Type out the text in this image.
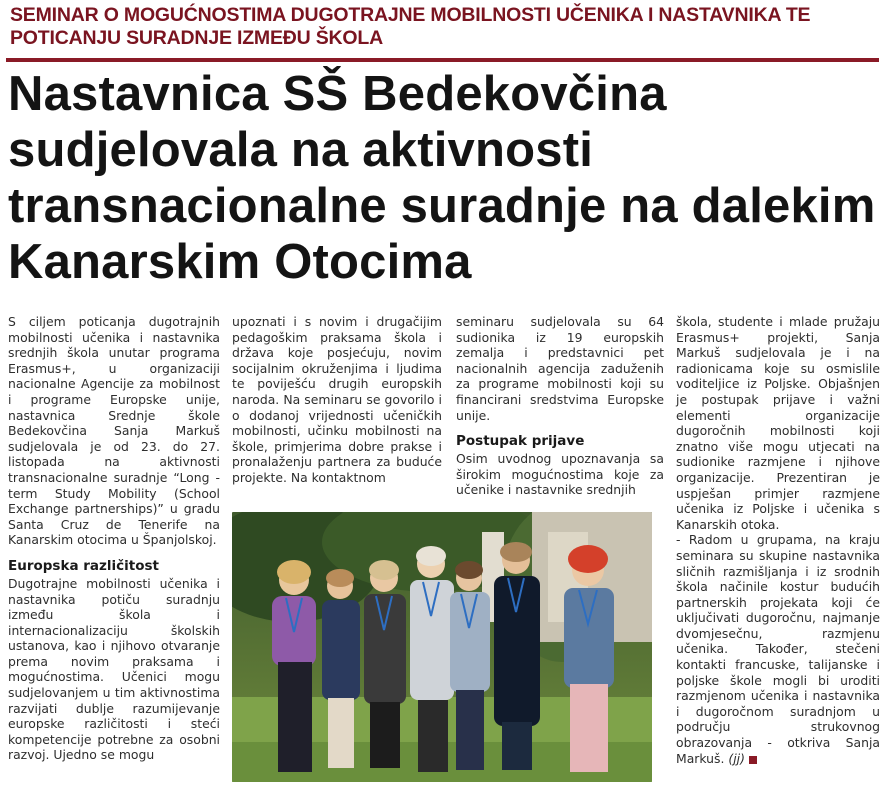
SEMINAR O MOGUĆNOSTIMA DUGOTRAJNE MOBILNOSTI UČENIKA I NASTAVNIKA TE POTICANJU SURADNJE IZMEĐU ŠKOLA
Nastavnica SŠ Bedekovčina sudjelovala na aktivnosti transnacionalne suradnje na dalekim Kanarskim Otocima

S ciljem poticanja dugotrajnih mobilnosti učenika i nastavnika srednjih škola unutar programa Erasmus+, u organizaciji nacionalne Agencije za mobilnost i programe Europske unije, nastavnica Srednje škole Bedekovčina Sanja Markuš sudjelovala je od 23. do 27. listopada na aktivnosti transnacionalne suradnje “Long - term Study Mobility (School Exchange partnerships)” u gradu Santa Cruz de Tenerife na Kanarskim otocima u Španjolskoj.

Europska različitost

Dugotrajne mobilnosti učenika i nastavnika potiču suradnju između škola i internacionalizaciju školskih ustanova, kao i njihovo otvaranje prema novim praksama i mogućnostima. Učenici mogu sudjelovanjem u tim aktivnostima razvijati dublje razumijevanje europske različitosti i steći kompetencije potrebne za osobni razvoj. Ujedno se mogu

upoznati i s novim i drugačijim pedagoškim praksama škola i država koje posjećuju, novim socijalnim okruženjima i ljudima te poviješću drugih europskih naroda. Na seminaru se govorilo i o dodanoj vrijednosti učeničkih mobilnosti, učinku mobilnosti na škole, primjerima dobre prakse i pronalaženju partnera za buduće projekte. Na kontaktnom

seminaru sudjelovala su 64 sudionika iz 19 europskih zemalja i predstavnici pet nacionalnih agencija zaduženih za programe mobilnosti koji su financirani sredstvima Europske unije.

Postupak prijave

Osim uvodnog upoznavanja sa širokim mogućnostima koje za učenike i nastavnike srednjih

škola, studente i mlade pružaju Erasmus+ projekti, Sanja Markuš sudjelovala je i na radionicama koje su osmislile voditeljice iz Poljske. Objašnjen je postupak prijave i važni elementi organizacije dugoročnih mobilnosti koji znatno više mogu utjecati na sudionike razmjene i njihove organizacije. Prezentiran je uspješan primjer razmjene učenika iz Poljske i učenika s Kanarskih otoka.

- Radom u grupama, na kraju seminara su skupine nastavnika sličnih razmišljanja i iz srodnih škola načinile kostur budućih partnerskih projekata koji će uključivati dugoročnu, najmanje dvomjesečnu, razmjenu učenika. Također, stečeni kontakti francuske, talijanske i poljske škole mogli bi uroditi razmjenom učenika i nastavnika i dugoročnom suradnjom u području strukovnog obrazovanja - otkriva Sanja Markuš. (jj)
